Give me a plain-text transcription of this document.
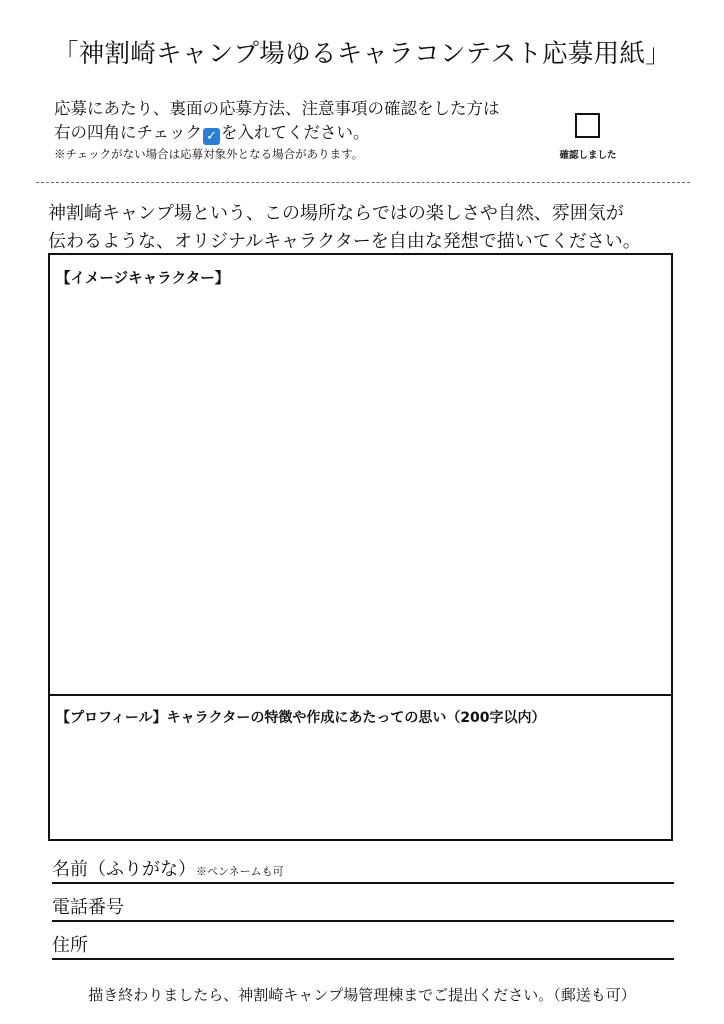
「神割崎キャンプ場ゆるキャラコンテスト応募用紙」
応募にあたり、裏面の応募方法、注意事項の確認をした方は
右の四角にチェック ✓ を入れてください。
※チェックがない場合は応募対象外となる場合があります。	確認しました
神割崎キャンプ場という、この場所ならではの楽しさや自然、雰囲気が
伝わるような、オリジナルキャラクターを自由な発想で描いてください。
【イメージキャラクター】
【プロフィール】キャラクターの特徴や作成にあたっての思い（200字以内）
名前（ふりがな）※ペンネームも可
電話番号
住所
描き終わりましたら、神割崎キャンプ場管理棟までご提出ください。（郵送も可）
